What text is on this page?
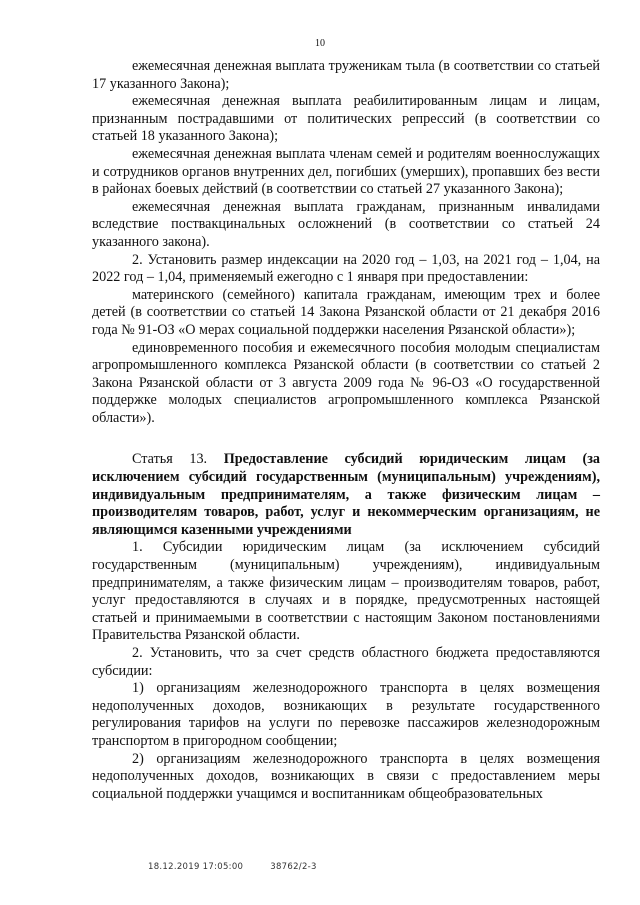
10

ежемесячная денежная выплата труженикам тыла (в соответствии со статьей 17 указанного Закона);

ежемесячная денежная выплата реабилитированным лицам и лицам, признанным пострадавшими от политических репрессий (в соответствии со статьей 18 указанного Закона);

ежемесячная денежная выплата членам семей и родителям военнослужащих и сотрудников органов внутренних дел, погибших (умерших), пропавших без вести в районах боевых действий (в соответствии со статьей 27 указанного Закона);

ежемесячная денежная выплата гражданам, признанным инвалидами вследствие поствакцинальных осложнений (в соответствии со статьей 24 указанного закона).

2. Установить размер индексации на 2020 год – 1,03, на 2021 год – 1,04, на 2022 год – 1,04, применяемый ежегодно с 1 января при предоставлении:

материнского (семейного) капитала гражданам, имеющим трех и более детей (в соответствии со статьей 14 Закона Рязанской области от 21 декабря 2016 года № 91-ОЗ «О мерах социальной поддержки населения Рязанской области»);

единовременного пособия и ежемесячного пособия молодым специалистам агропромышленного комплекса Рязанской области (в соответствии со статьей 2 Закона Рязанской области от 3 августа 2009 года № 96-ОЗ «О государственной поддержке молодых специалистов агропромышленного комплекса Рязанской области»).

Статья 13. Предоставление субсидий юридическим лицам (за исключением субсидий государственным (муниципальным) учреждениям), индивидуальным предпринимателям, а также физическим лицам – производителям товаров, работ, услуг и некоммерческим организациям, не являющимся казенными учреждениями

1. Субсидии юридическим лицам (за исключением субсидий государственным (муниципальным) учреждениям), индивидуальным предпринимателям, а также физическим лицам – производителям товаров, работ, услуг предоставляются в случаях и в порядке, предусмотренных настоящей статьей и принимаемыми в соответствии с настоящим Законом постановлениями Правительства Рязанской области.

2. Установить, что за счет средств областного бюджета предоставляются субсидии:

1) организациям железнодорожного транспорта в целях возмещения недополученных доходов, возникающих в результате государственного регулирования тарифов на услуги по перевозке пассажиров железнодорожным транспортом в пригородном сообщении;

2) организациям железнодорожного транспорта в целях возмещения недополученных доходов, возникающих в связи с предоставлением меры социальной поддержки учащимся и воспитанникам общеобразовательных

18.12.2019 17:05:00	38762/2-3
